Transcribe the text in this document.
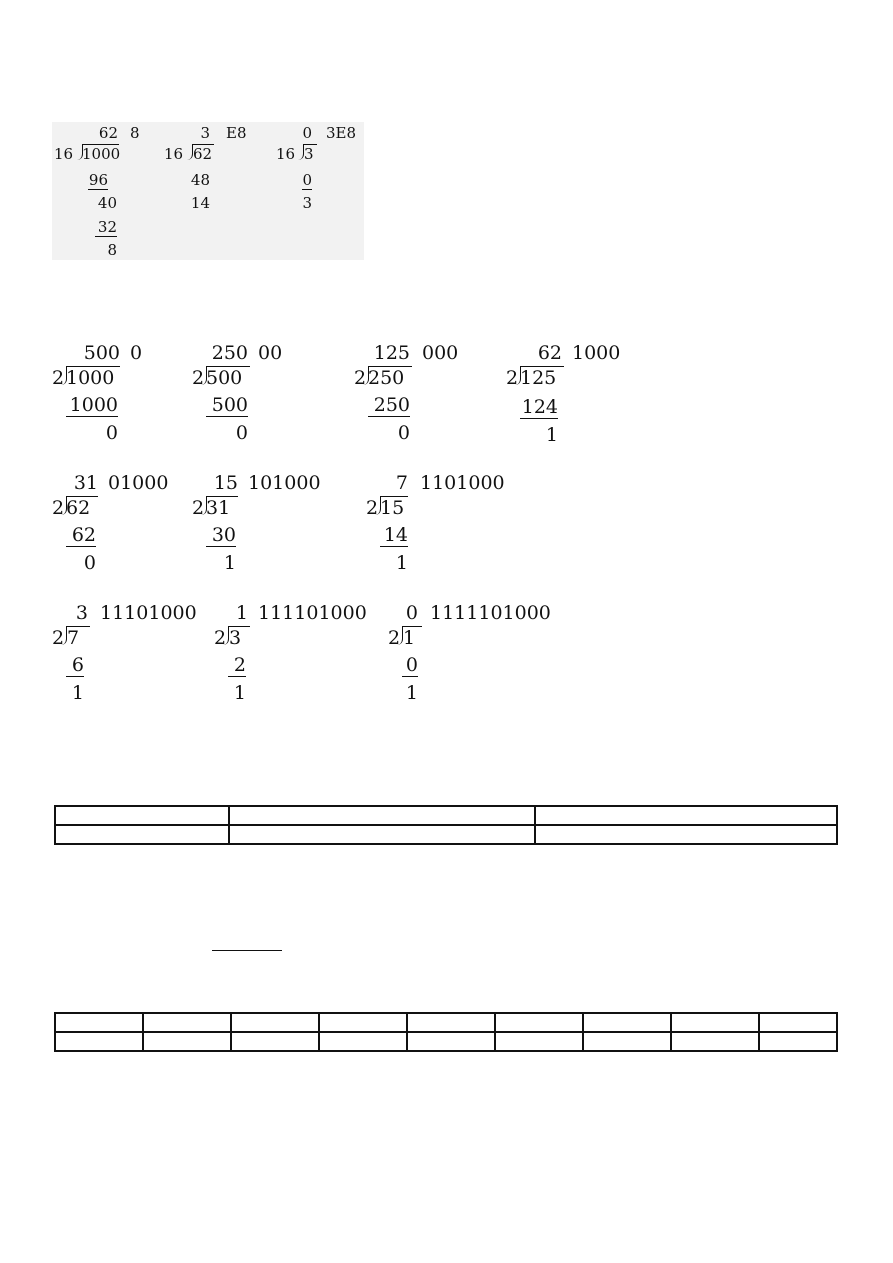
62 8
16 1000
96
40
32
8
3 E8
16 62
48
14
0 3E8
16 3
0
3
500 0
2 1000
1000
0
250 00
2 500
500
0
125 000
2 250
250
0
62 1000
2 125
124
1
31 01000
2 62
62
0
15 101000
2 31
30
1
7 1101000
2 15
14
1
3 11101000
2 7
6
1
1 111101000
2 3
2
1
0 1111101000
2 1
0
1
